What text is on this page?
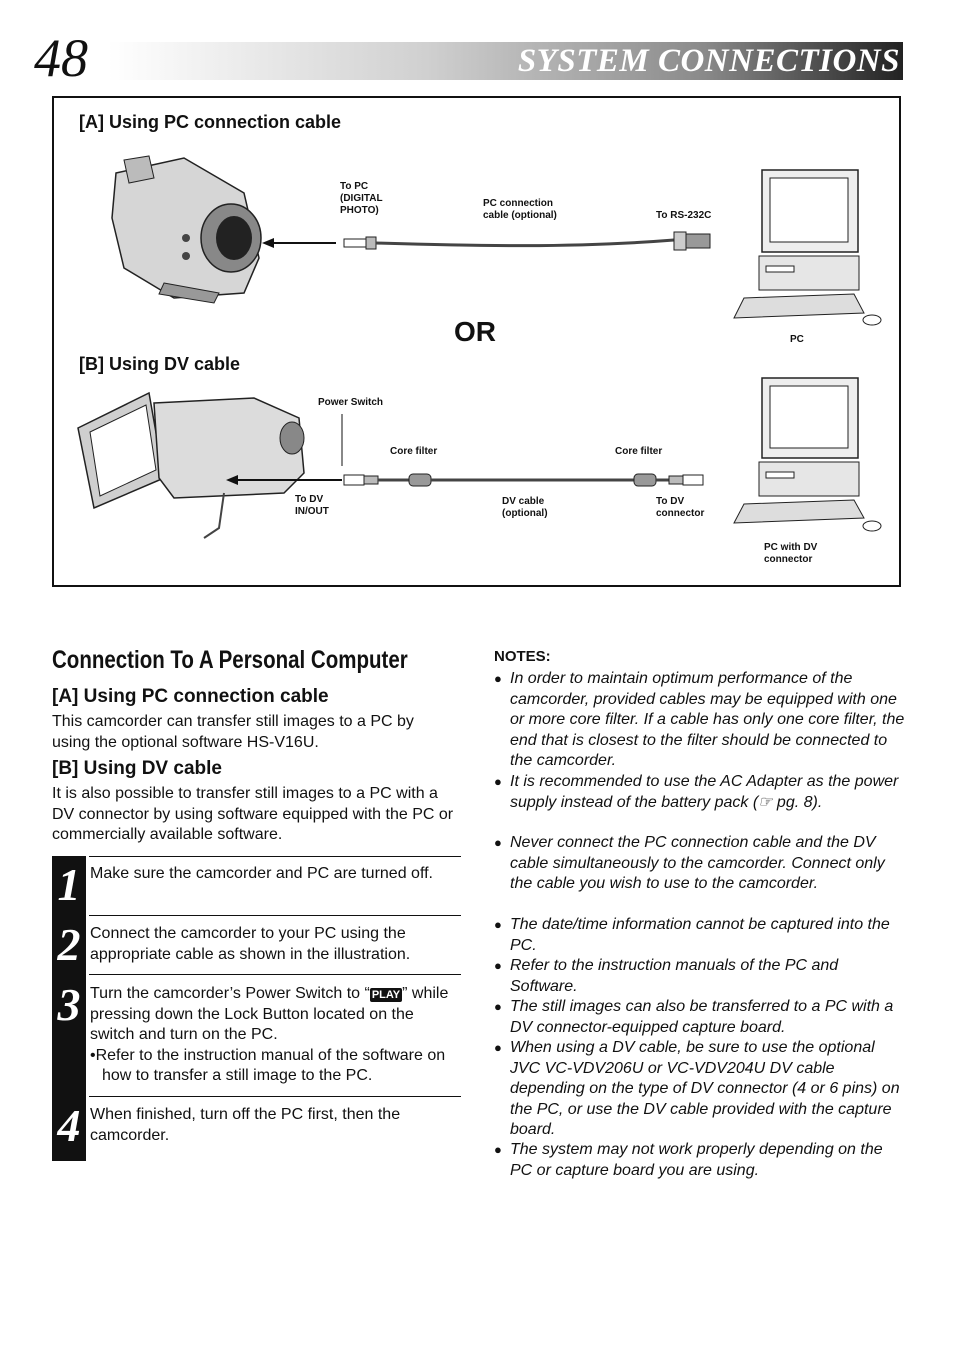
48	SYSTEM CONNECTIONS
[A] Using PC connection cable
[B] Using DV cable
OR
To PC
(DIGITAL
PHOTO)
PC connection
cable (optional)	To RS-232C
PC
Power Switch
Core filter	Core filter
To DV
IN/OUT
DV cable
(optional)
To DV
connector
PC with DV
connector
Connection To A Personal Computer
[A] Using PC connection cable
This camcorder can transfer still images to a PC by using the optional software HS-V16U.
[B] Using DV cable
It is also possible to transfer still images to a PC with a DV connector by using software equipped with the PC or commercially available software.
1 Make sure the camcorder and PC are turned off.
2 Connect the camcorder to your PC using the appropriate cable as shown in the illustration.
3 Turn the camcorder’s Power Switch to “ PLAY ” while pressing down the Lock Button located on the switch and turn on the PC.
•Refer to the instruction manual of the software on how to transfer a still image to the PC.
4 When finished, turn off the PC first, then the camcorder.
NOTES:
● In order to maintain optimum performance of the camcorder, provided cables may be equipped with one or more core filter. If a cable has only one core filter, the end that is closest to the filter should be connected to the camcorder.
● It is recommended to use the AC Adapter as the power supply instead of the battery pack (☞ pg. 8).
● Never connect the PC connection cable and the DV cable simultaneously to the camcorder. Connect only the cable you wish to use to the camcorder.
● The date/time information cannot be captured into the PC.
● Refer to the instruction manuals of the PC and Software.
● The still images can also be transferred to a PC with a DV connector-equipped capture board.
● When using a DV cable, be sure to use the optional JVC VC-VDV206U or VC-VDV204U DV cable depending on the type of DV connector (4 or 6 pins) on the PC, or use the DV cable provided with the capture board.
● The system may not work properly depending on the PC or capture board you are using.
